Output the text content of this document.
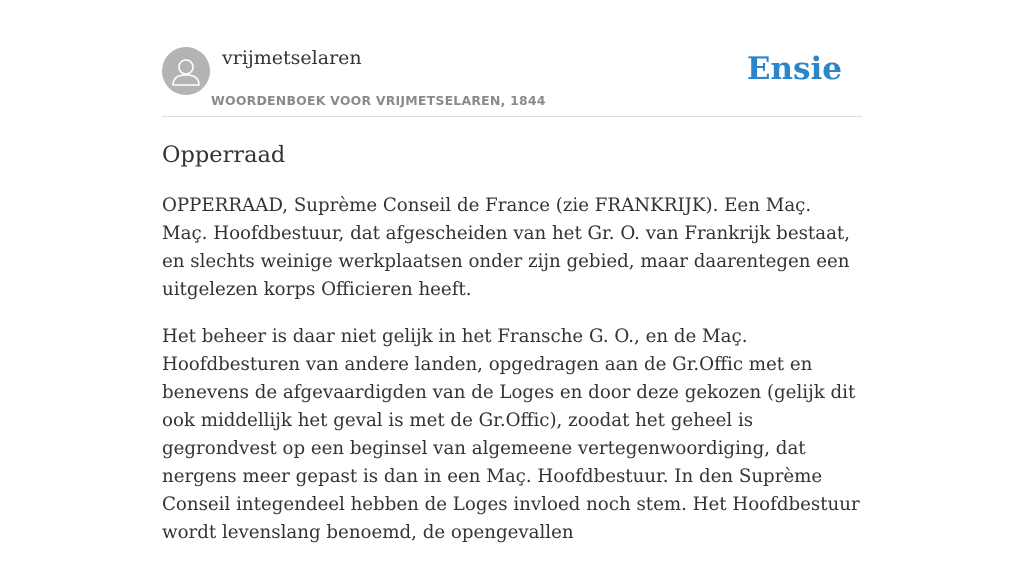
vrijmetselaren
WOORDENBOEK VOOR VRIJMETSELAREN, 1844
Ensie
Opperraad

OPPERRAAD, Suprème Conseil de France (zie FRANKRIJK). Een Maç. Maç. Hoofdbestuur, dat afgescheiden van het Gr. O. van Frankrijk bestaat, en slechts weinige werkplaatsen onder zijn gebied, maar daarentegen een uitgelezen korps Officieren heeft.

Het beheer is daar niet gelijk in het Fransche G. O., en de Maç. Hoofdbesturen van andere landen, opgedragen aan de Gr.Offic met en benevens de afgevaardigden van de Loges en door deze gekozen (gelijk dit ook middellijk het geval is met de Gr.Offic), zoodat het geheel is gegrondvest op een beginsel van algemeene vertegenwoordiging, dat nergens meer gepast is dan in een Maç. Hoofdbestuur. In den Suprème Conseil integendeel hebben de Loges invloed noch stem. Het Hoofdbestuur wordt levenslang benoemd, de opengevallen
